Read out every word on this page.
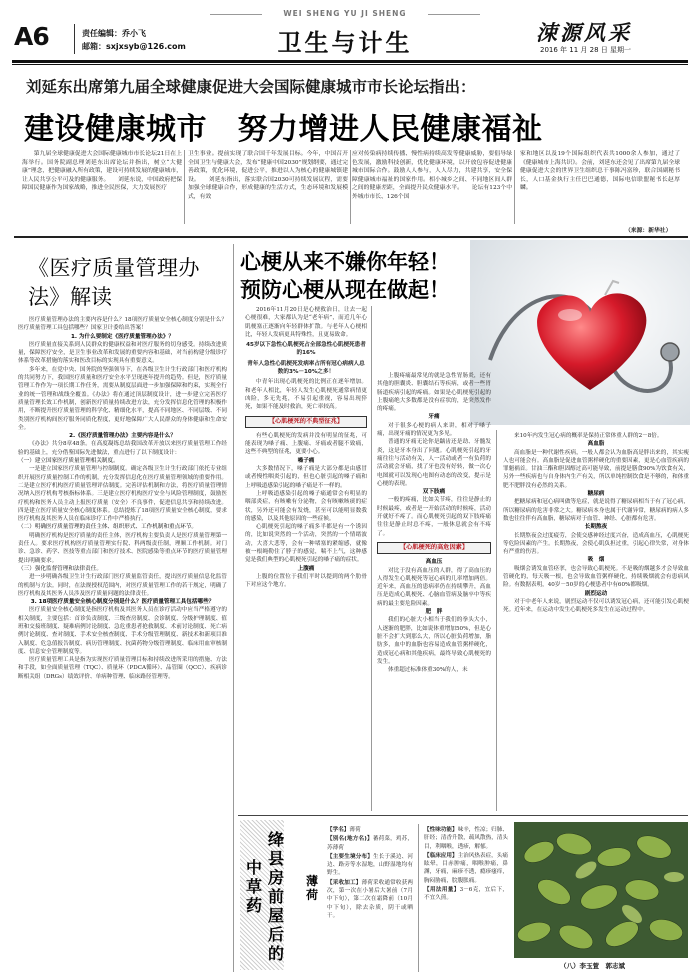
A6	责任编辑：乔小飞
邮箱：sxjxsyb@126.com
WEI SHENG YU JI SHENG
卫生与计生	涑源风采
2016 年 11 月 28 日 星期一
刘延东出席第九届全球健康促进大会国际健康城市市长论坛指出：
建设健康城市　努力增进人民健康福祉
　　第九届全球健康促进大会国际健康城市市长论坛21日在上海举行。国务院副总理刘延东出席论坛并指出，树立“大健康”理念，把健康融入所有政策，建设可持续发展的健康城市，让人民共享公平可及的健康服务。　　刘延东说，中国政府把保障国民健康作为国家战略，推进全民医保，大力发展医疗
卫生事业。提前实现了联合国千年发展目标。今年，中国召开全国卫生与健康大会，发布“健康中国2030”规划纲要，通过完善政策，优化环境，促进公平，推进以人为核心的健康城镇建设。　　刘延东指出，落实联合国2030可持续发展议程，需要加强全球健康合作，形成健康的生活方式，生态环境和发展模式，有效
应对传染病持续传播、慢性病持续高发等健康威胁，要倡导绿色发展，激励科技创新，优化健康环境，以开放包容促进健康城市国际合作。鼓励人人参与，人人尽力，共建共享，安全保障健康城市福祉的国家作用。相小城乡之间、不同地区间人群之间的健康差距，全面提升民众健康水平。　　论坛有123个中外城市市长、126个国
家和地区以及19个国际组织代表共1000余人参加，通过了《健康城市上海共识》。会前，刘延东还会见了出席第九届全球健康促进大会的世界卫生组织总干事陈冯富珍，联合国副秘书长，人口基金执行主任巴巴通德，国际电信联盟秘书长赵厚麟。
（来源：新华社）
《医疗质量管理办
法》解读

医疗质量管理办法的主要内容是什么？18项医疗质量安全核心制度分别是什么？医疗质量管理工具包括哪些？国家卫计委给出答案！

1. 为什么要制定《医疗质量管理办法》？

医疗质量直接关系到人民群众的健康权益和对医疗服务的切身感受。持续改进质量，保障医疗安全，是卫生事业改革和发展的重要内容和基础，对当前构建分级诊疗体系等改革措施的落实和医改目标的实现具有重要意义。

多年来，在党中央、国务院的坚强领导下，在各级卫生计生行政部门和医疗机构的共同努力下，我国医疗质量和医疗安全水平呈现逐年提升的趋势。但是，医疗质量管理工作作为一项长期工作任务，需要从制度层面进一步加强保障和约束，实现全行业的统一管理和战线全覆盖。《办法》将在通过顶层制度设计，进一步建立完善医疗质量管理长效工作机制，创新医疗质量持续改进方法，充分发挥信息化管理的积极作用，不断提升医疗质量管理的科学化、精细化水平，提高不同地区、不同层级、不同类别医疗机构间医疗服务同质化程度，更好地保障广大人民群众的身体健康和生命安全。

2.《医疗质量管理办法》主要内容是什么？

《办法》共分8章48条。在高度凝练总结我国改革开放以来医疗质量管理工作经验的基础上，充分借鉴国际先进做法，重点进行了以下制度设计：

（一）建立国家医疗质量管理相关制度。

一是建立国家医疗质量管理与控制制度。确定各级卫生计生行政部门依托专业组织开展医疗质量控制工作的机制，充分发挥信息化在医疗质量管理领域的重要作用。二是建立医疗机构医疗质量管理评估制度。完善评估机制和方法，将医疗质量管理情况纳入医疗机构考核指标体系。三是建立医疗机构医疗安全与风险管理制度，鼓励医疗机构和医务人员主动上报医疗质量（安全）不良事件，促进信息共享和持续改进。四是建立医疗质量安全核心制度体系。总结提炼了18项医疗质量安全核心制度，要求医疗机构及其医务人员在临床诊疗工作中严格执行。

（二）明确医疗质量管理的责任主体、组织形式、工作机制和重点环节。

明确医疗机构是医疗质量的责任主体，医疗机构主要负责人是医疗质量管理第一责任人。要求医疗机构医疗质量管理实行院、科两级责任制，理顺工作机制。对门诊、急诊、药学、医技等重点部门和医疗技术、医院感染等重点环节的医疗质量管理提出明确要求。

（三）强化监督管理和法律责任。

进一步明确各级卫生计生行政部门医疗质量监管责任，提出医疗质量信息化监管的机制与方法。同时，在法规授权范围内，对医疗质量管理工作的若干规定，明确了医疗机构及其医务人员涉及医疗质量问题的法律责任。

3. 18项医疗质量安全核心制度分别是什么？医疗质量管理工具包括哪些？

医疗质量安全核心制度是指医疗机构及其医务人员在诊疗活动中应当严格遵守的相关制度，主要包括：首诊负责制度、三级查房制度、会诊制度、分级护理制度、值班和交接班制度、疑难病例讨论制度、急危重患者抢救制度、术前讨论制度、死亡病例讨论制度、查对制度、手术安全核查制度、手术分级管理制度、新技术和新项目准入制度、危急值报告制度、病历管理制度、抗菌药物分级管理制度、临床用血审核制度、信息安全管理制度等。

医疗质量管理工具是指为实现医疗质量管理目标和持续改进所采用的措施、方法和手段，如全面质量管理（TQC）、质量环（PDCA循环）、品管圈（QCC）、疾病诊断相关组（DRGs）绩效评价、单病种管理、临床路径管理等。

心梗从来不嫌你年轻！
预防心梗从现在做起！

2016年11月20日是心梗救治日，让去一起心梗很难，大家都认为是“老年病”，而近几年心肌梗塞正逐渐向年轻群体扩散。与老年人心梗相比，年轻人发病更具特殊性，且更易致命。

45岁以下急性心肌梗死占全部急性心肌梗死患者的16%

青年人急性心肌梗死发病率占所有冠心病病人总数的3%－10%之多！

中青年出现心肌梗死的比例正在逐年增加。和老年人相比，年轻人发生心肌梗死通常病情更凶险，多无先兆，不易引起重视，容易出现猝死，如果不能及时救治，死亡率较高。

【心肌梗死的不典型征兆】

有些心肌梗死的发病并没有明显的征兆，可能表现为嗓子痛、上腹痛、牙痛或者腿不致痛，这些不典型的征兆，更要小心。

嗓子痛

大多数情况下，嗓子痛是大部分都是由感冒或者慢性咽炎引起的，但也心脏引起的嗓子痛和上呼吸道感染引起的嗓子痛是不一样的。

上呼吸道感染引起的嗓子痛通常会有明显的咽部炎症，有咳嗽有分泌物，会有咳嗽咳痰的症状，另外还可能会有发烧，甚至可以能明显数我的感染，以及其他原因的一些症候。

心肌梗死引起的嗓子痛多半都是有一个诱因的，比如说突然的一个活动，突然的一个情绪波动，大喜大悲等，会有一种堵塞的紧缩感，就像被一根绳勒住了脖子的感觉，喘不上气，这种感觉是我们典型的心肌梗死引起的嗓子痛的症状。

上腹痛

上腹的位置位于我们平时以提到的两个肋骨下对应这个地方。

上腹疼痛最常见的就是急性胃肠炎，还有其他的胆囊炎、胆囊结石等疾病，或者一些胃肠道疾病引起的疼痛。如果是心肌梗死引起的上腹痛绝大多数都是没有症状的，是突然发作的疼痛。

牙痛

对于很多心梗的病人来讲，相对于嗓子痛，出现牙痛的情况更为多见。

普通的牙痛无论你是龋齿还是劫、牙髓发炎，这是牙本身出了问题。心肌梗死引起的牙痛往往与活动有关，人一活动或者一有负荷的活动就会牙痛，找了牙也没有好转，做一次心电图就可以发现心电图有动态的改变，提示是心梗的表现。

双下肢痛

一般的疼痛，比如关节疼，往往是静止的时候最疼，或者是一开始活动的时候疼，活动开就好不疼了。而心肌梗死引起的双下肢疼痛往往是静止时总不疼，一般休息就会有不疼了。

【心肌梗死的高危因素】

高血压

对比于没有高血压的人群，得了高血压的人得发生心肌梗死等冠心病的几率增加两倍。近年来，高血压的患病率仍在持续攀升，高血压是造成心肌梗死、心脑血管病及脑卒中等疾病的最主要危险因素。

肥　胖

我们的心脏大小相当于我们的拳头大小，人逐渐的肥胖，比如说体重增加50%，但是心脏不会扩大到那么大，所以心脏负荷增加，脂肪多，血中的血脂也容易造成血管粥样硬化，造成冠心病和其他疾病，最终导致心肌梗死的发生。

体重超过标准体重30%的人，未

来10年内发生冠心病的概率是保持正常体重人群的2－8倍。

高血脂

高血脂是一种代谢性疾病，一般人都会认为血脂高是胖出来的，其实瘦人也可能会有。高血脂是促进血管粥样硬化的重要因素，更是心血管疾病的罪魁祸首。甘油三酯和胆固醇过高可能导致，前提是膳食90%为饮食有关，另外一些疾病也与自身体内生产有关，所以单纯控制饮食是不够的，和体重肥不肥胖没有必然的关系。

糖尿病

把糖尿病和冠心病叫做等危症，就是说得了糖尿病相当于有了冠心病，所以糖尿病的危害非常之大。糖尿病本身也属于代谢异常，糖尿病的病人多数也往往伴有高血脂，糖尿病对于血管、神经、心脏都有危害。

长期熬夜

长期熬夜会过度疲劳，会使交感神经过度兴奋，造成高血压，心肌梗死等危险因素的产生。长期熬夜，会使心肌负担过重，引起心律失常，对身体有严重的伤害。

吸　烟

吸烟会诱发血管痉挛，也会导致心肌梗死。不是吸的烟越多才会导致血管硬化的，每天吸一根，也会导致血管粥样硬化，持续吸烟就会有患病风险。有数据表明，40岁－50岁的心梗患者中有60%都吸烟。

剧烈运动

对于中老年人来说，剧烈运动不仅可以诱发冠心病，还可能引发心肌梗死。近年来，在运动中发生心肌梗死多发生在运动过程中。

绛 县 房 前 屋 后 的
中 草 药
薄荷

【学名】薄荷

【别名(地方名)】蕃荷菜，鸡苏，苏薄荷

【主要生境分布】生长于溪边、河边、路旁等水湿地，山野湿地均有野生。

【采收加工】薄荷采收通常收获两次，第一次在小暑后大暑前（7月中下旬），第二次在霜降前（10月中下旬），除去杂质，阴干或晒干。

【性味功能】味辛，性凉；归肺、肝经；清香升散，疏风散热，清头目，利咽喉，透疹，解郁。

【临床应用】主治风热表症，头痛眩晕，目赤肿痛，咽喉肿痛，鼻渊，牙痛，麻疹不透，瘾疹瘙痒，胸闷胁痛，脘腹胀痛。

【用法用量】3－6克，宜后下，不宜久煎。

（八）李玉萱　郭志斌
